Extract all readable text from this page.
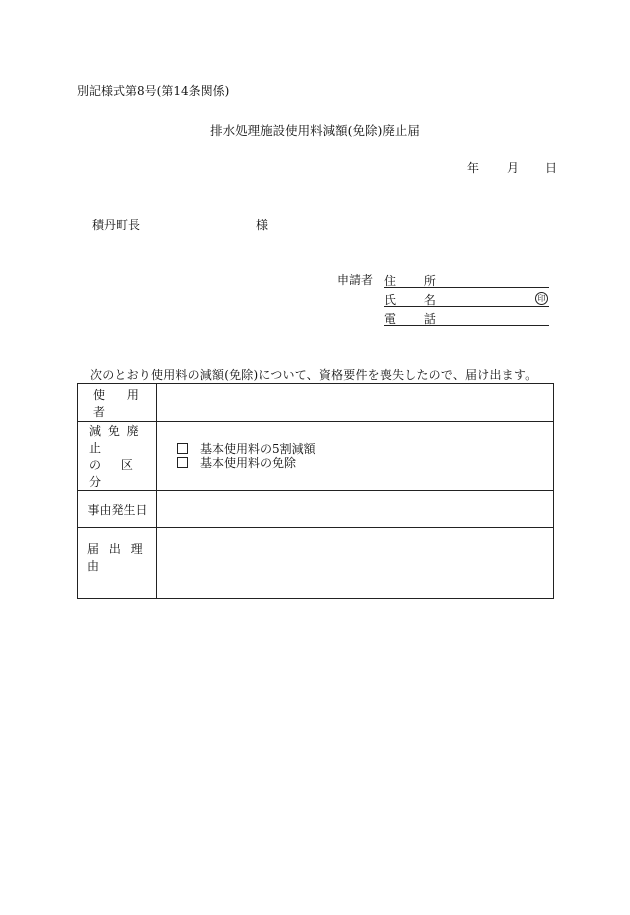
別記様式第8号(第14条関係)
排水処理施設使用料減額(免除)廃止届
年 月 日
積丹町長	様
申請者 住 所
氏 名	印
電 話
次のとおり使用料の減額(免除)について、資格要件を喪失したので、届け出ます。
使 用 者	

減 免 廃 止
の 区 分	基本使用料の5割減額
基本使用料の免除

事由発生日	

届 出 理 由	
